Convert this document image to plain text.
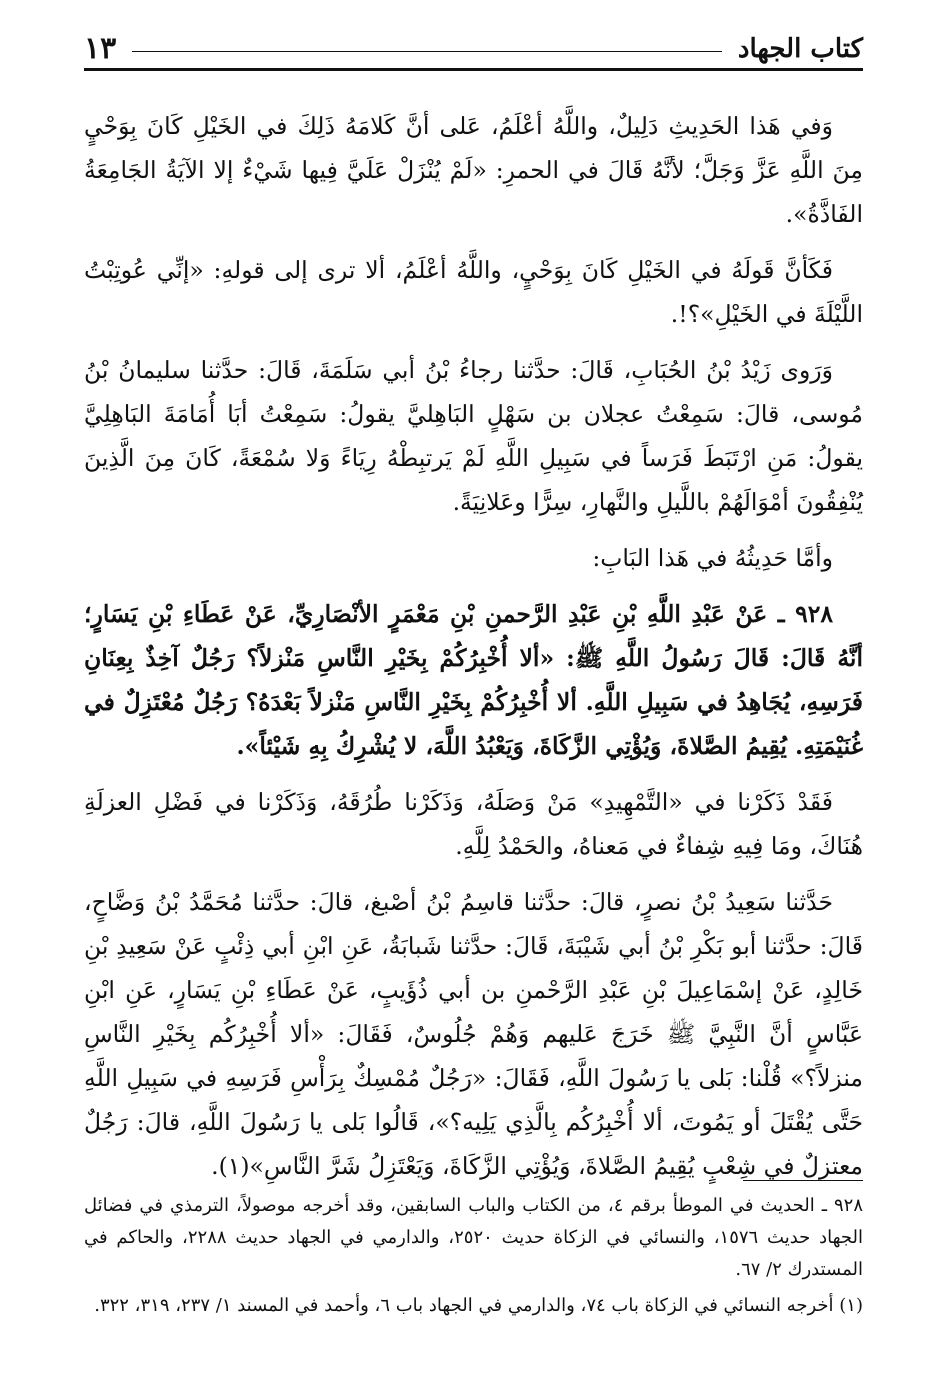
كتاب الجهاد
١٣

وَفي هَذا الحَدِيثِ دَلِيلٌ، واللَّهُ أعْلَمُ، عَلى أنَّ كَلامَهُ ذَلِكَ في الخَيْلِ كَانَ بِوَحْيٍ مِنَ اللَّهِ عَزَّ وَجَلَّ؛ لأنَّهُ قَالَ في الحمرِ: «لَمْ يُنْزَلْ عَلَيَّ فِيها شَيْءٌ إلا الآيَةُ الجَامِعَةُ الفَاذَّةُ».

فَكَأنَّ قَولَهُ في الخَيْلِ كَانَ بِوَحْيٍ، واللَّهُ أعْلَمُ، ألا ترى إلى قولهِ: «إنِّي عُوتِبْتُ اللَّيْلَةَ في الخَيْلِ»؟!.

وَرَوى زَيْدُ بْنُ الحُبَابِ، قَالَ: حدَّثنا رجاءُ بْنُ أبي سَلَمَةَ، قَالَ: حدَّثنا سليمانُ بْنُ مُوسى، قالَ: سَمِعْتُ عجلان بن سَهْلٍ البَاهِليَّ يقولُ: سَمِعْتُ أبَا أُمَامَةَ البَاهِلِيَّ يقولُ: مَنِ ارْتَبَطَ فَرَساً في سَبِيلِ اللَّهِ لَمْ يَرتبِطْهُ رِيَاءً وَلا سُمْعَةً، كَانَ مِنَ الَّذِينَ يُنْفِقُونَ أمْوَالَهُمْ باللَّيلِ والنَّهارِ، سِرًّا وعَلانِيَةً.

وأمَّا حَدِيثُهُ في هَذا البَابِ:

٩٢٨ ـ عَنْ عَبْدِ اللَّهِ بْنِ عَبْدِ الرَّحمنِ بْنِ مَعْمَرٍ الأنْصَارِيِّ، عَنْ عَطَاءِ بْنِ يَسَارٍ؛ أنَّهُ قَالَ: قَالَ رَسُولُ اللَّهِ ﷺ: «ألا أُخْبِرُكُمْ بِخَيْرِ النَّاسِ مَنْزلاً؟ رَجُلٌ آخِذٌ بِعِنَانِ فَرَسِهِ، يُجَاهِدُ في سَبِيلِ اللَّهِ. ألا أُخْبِرُكُمْ بِخَيْرِ النَّاسِ مَنْزلاً بَعْدَهُ؟ رَجُلٌ مُعْتَزِلٌ في غُنَيْمَتِهِ. يُقِيمُ الصَّلاةَ، وَيُؤْتِي الزَّكَاةَ، وَيَعْبُدُ اللَّهَ، لا يُشْرِكُ بِهِ شَيْئاً».

فَقَدْ ذَكَرْنا في «التَّمْهِيدِ» مَنْ وَصَلَهُ، وَذَكَرْنا طُرُقَهُ، وَذَكَرْنا في فَضْلِ العزلَةِ هُنَاكَ، ومَا فِيهِ شِفاءٌ في مَعناهُ، والحَمْدُ لِلَّهِ.

حَدَّثنا سَعِيدُ بْنُ نصرٍ، قالَ: حدَّثنا قاسِمُ بْنُ أصْبغ، قالَ: حدَّثنا مُحَمَّدُ بْنُ وَضَّاحٍ، قَالَ: حدَّثنا أبو بَكْرِ بْنُ أبي شَيْبَةَ، قَالَ: حدَّثنا شَبابَةُ، عَنِ ابْنِ أبي ذِئْبٍ عَنْ سَعِيدِ بْنِ خَالِدٍ، عَنْ إسْمَاعِيلَ بْنِ عَبْدِ الرَّحْمنِ بن أبي ذُؤَيبٍ، عَنْ عَطَاءِ بْنِ يَسَارٍ، عَنِ ابْنِ عَبَّاسٍ أنَّ النَّبِيَّ ﷺ خَرَجَ عَليهم وَهُمْ جُلُوسٌ، فَقَالَ: «ألا أُخْبِرُكُم بِخَيْرِ النَّاسِ منزلاً؟» قُلْنا: بَلى يا رَسُولَ اللَّهِ، فَقَالَ: «رَجُلٌ مُمْسِكٌ بِرَأْسِ فَرَسِهِ في سَبِيلِ اللَّهِ حَتَّى يُقْتَلَ أو يَمُوتَ، ألا أُخْبِرُكُم بِالَّذِي يَلِيه؟»، قَالُوا بَلى يا رَسُولَ اللَّهِ، قالَ: رَجُلٌ معتزلٌ في شِعْبٍ يُقِيمُ الصَّلاةَ، وَيُؤْتِي الزَّكَاةَ، وَيَعْتَزِلُ شَرَّ النَّاسِ»(١).

٩٢٨ ـ الحديث في الموطأ برقم ٤، من الكتاب والباب السابقين، وقد أخرجه موصولاً، الترمذي في فضائل الجهاد حديث ١٥٧٦، والنسائي في الزكاة حديث ٢٥٢٠، والدارمي في الجهاد حديث ٢٢٨٨، والحاكم في المستدرك ٢/ ٦٧.

(١) أخرجه النسائي في الزكاة باب ٧٤، والدارمي في الجهاد باب ٦، وأحمد في المسند ١/ ٢٣٧، ٣١٩، ٣٢٢.
